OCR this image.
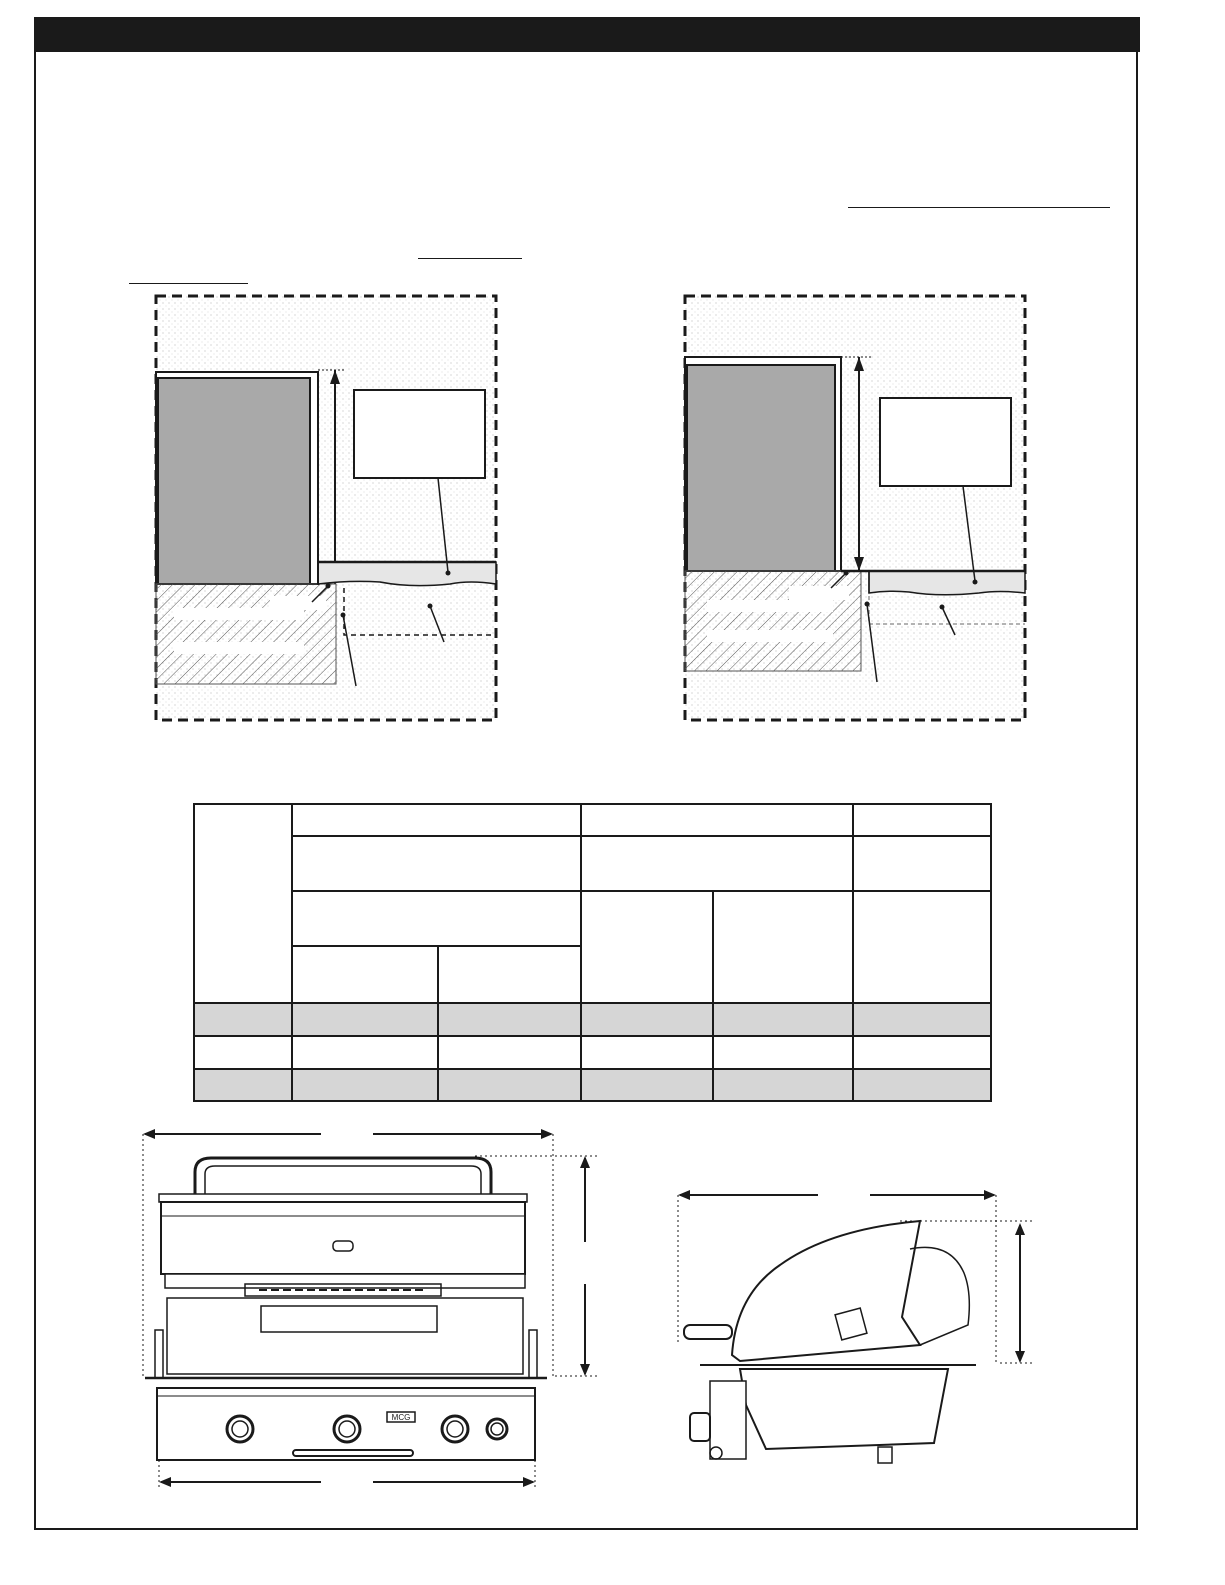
MCG
